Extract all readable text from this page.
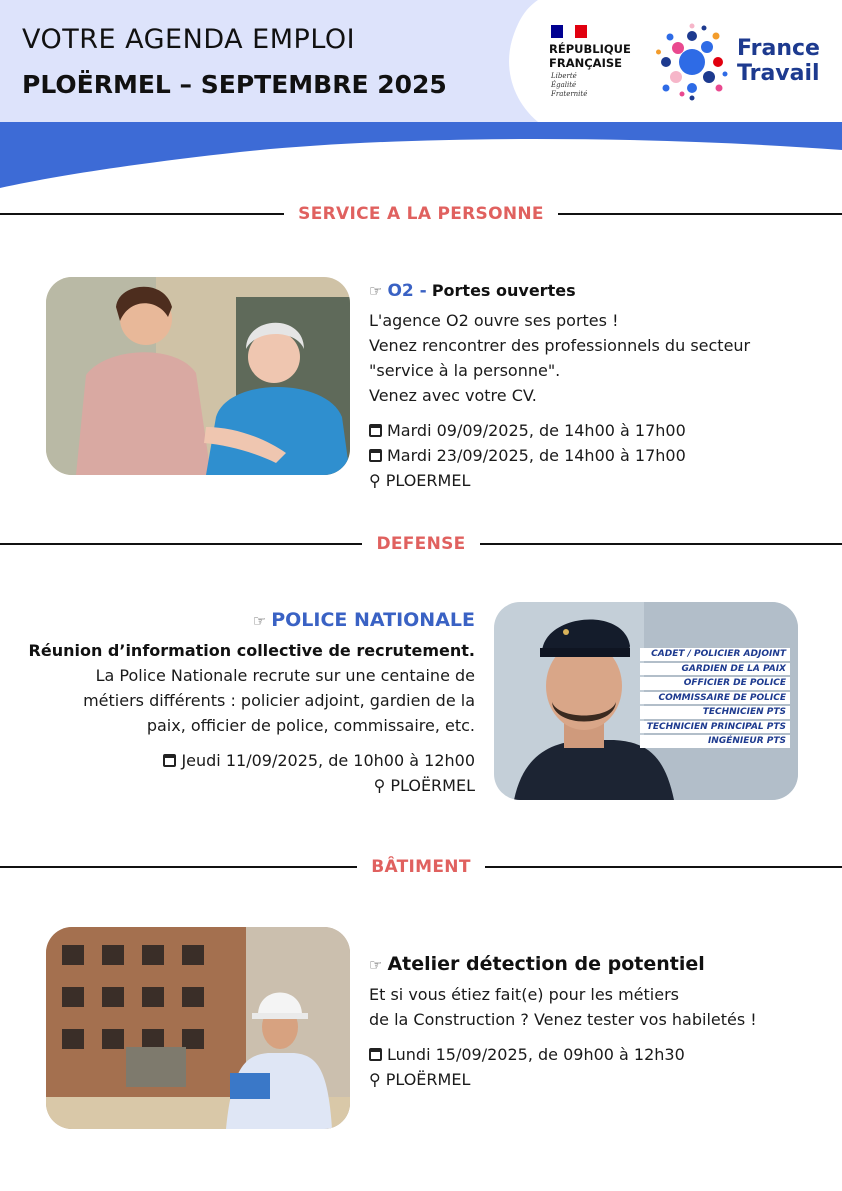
VOTRE AGENDA EMPLOI
PLOËRMEL – SEPTEMBRE 2025
RÉPUBLIQUE
FRANÇAISE
Liberté
Égalité
Fraternité
France
Travail
SERVICE A LA PERSONNE
☞ O2 - Portes ouvertes
L'agence O2 ouvre ses portes !
Venez rencontrer des professionnels du secteur
"service à la personne".
Venez avec votre CV.
Mardi 09/09/2025, de 14h00 à 17h00
Mardi 23/09/2025, de 14h00 à 17h00
⚲ PLOERMEL
DEFENSE
☞ POLICE NATIONALE
Réunion d’information collective de recrutement.
La Police Nationale recrute sur une centaine de
métiers différents : policier adjoint, gardien de la
paix, officier de police, commissaire, etc.
Jeudi 11/09/2025, de 10h00 à 12h00
⚲ PLOËRMEL
CADET / POLICIER ADJOINT
GARDIEN DE LA PAIX
OFFICIER DE POLICE
COMMISSAIRE DE POLICE
TECHNICIEN PTS
TECHNICIEN PRINCIPAL PTS
INGÉNIEUR PTS
BÂTIMENT
☞ Atelier détection de potentiel
Et si vous étiez fait(e) pour les métiers
de la Construction ? Venez tester vos habiletés !
Lundi 15/09/2025, de 09h00 à 12h30
⚲ PLOËRMEL
